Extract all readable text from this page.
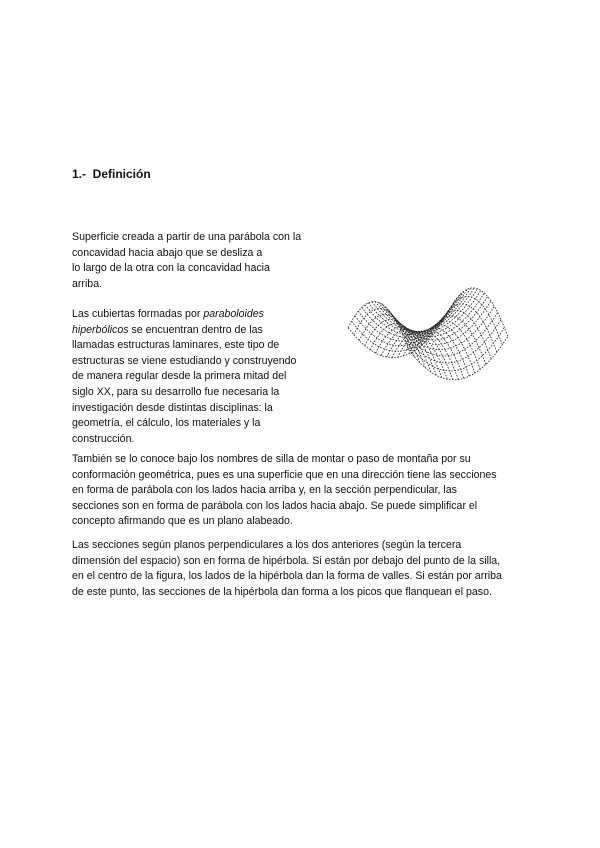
1.-  Definición

Superficie creada a partir de una parábola con la
concavidad hacia abajo que se desliza a
lo largo de la otra con la concavidad hacia
arriba.

Las cubiertas formadas por paraboloides
hiperbólicos se encuentran dentro de las
llamadas estructuras laminares, este tipo de
estructuras se viene estudiando y construyendo
de manera regular desde la primera mitad del
siglo XX, para su desarrollo fue necesaria la
investigación desde distintas disciplinas: la
geometría, el cálculo, los materiales y la
construcción.

También se lo conoce bajo los nombres de silla de montar o paso de montaña por su
conformación geométrica, pues es una superficie que en una dirección tiene las secciones
en forma de parábola con los lados hacia arriba y, en la sección perpendicular, las
secciones son en forma de parábola con los lados hacia abajo. Se puede simplificar el
concepto afirmando que es un plano alabeado.

Las secciones según planos perpendiculares a los dos anteriores (según la tercera
dimensión del espacio) son en forma de hipérbola. Si están por debajo del punto de la silla,
en el centro de la figura, los lados de la hipérbola dan la forma de valles. Si están por arriba
de este punto, las secciones de la hipérbola dan forma a los picos que flanquean el paso.
